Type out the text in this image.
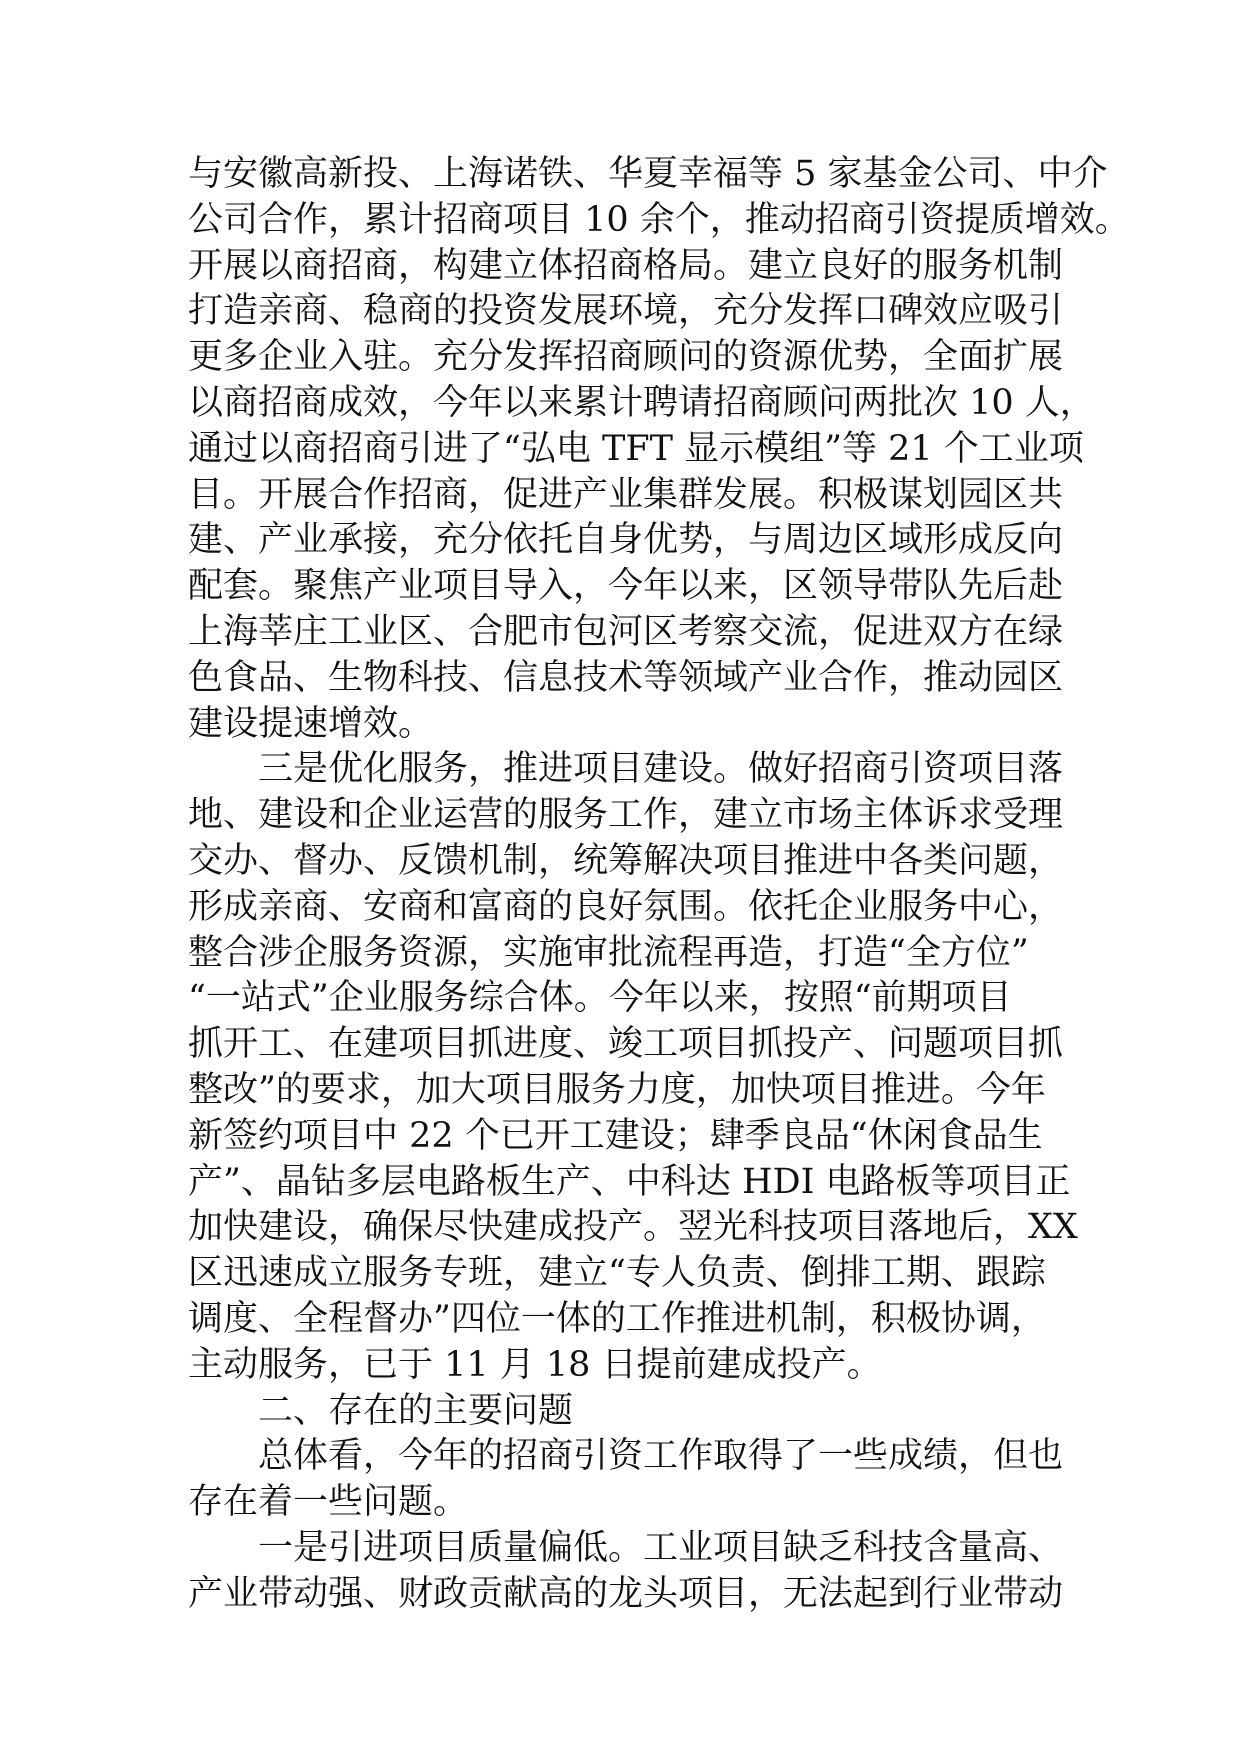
与安徽高新投、上海诺铁、华夏幸福等 5 家基金公司、中介
公司合作，累计招商项目 10 余个，推动招商引资提质增效。
开展以商招商，构建立体招商格局。建立良好的服务机制
打造亲商、稳商的投资发展环境，充分发挥口碑效应吸引
更多企业入驻。充分发挥招商顾问的资源优势，全面扩展
以商招商成效，今年以来累计聘请招商顾问两批次 10 人，
通过以商招商引进了“弘电 TFT 显示模组”等 21 个工业项
目。开展合作招商，促进产业集群发展。积极谋划园区共
建、产业承接，充分依托自身优势，与周边区域形成反向
配套。聚焦产业项目导入，今年以来，区领导带队先后赴
上海莘庄工业区、合肥市包河区考察交流，促进双方在绿
色食品、生物科技、信息技术等领域产业合作，推动园区
建设提速增效。
三是优化服务，推进项目建设。做好招商引资项目落
地、建设和企业运营的服务工作，建立市场主体诉求受理
交办、督办、反馈机制，统筹解决项目推进中各类问题，
形成亲商、安商和富商的良好氛围。依托企业服务中心，
整合涉企服务资源，实施审批流程再造，打造“全方位”
“一站式”企业服务综合体。今年以来，按照“前期项目
抓开工、在建项目抓进度、竣工项目抓投产、问题项目抓
整改”的要求，加大项目服务力度，加快项目推进。今年
新签约项目中 22 个已开工建设；肆季良品“休闲食品生
产”、晶钻多层电路板生产、中科达 HDI 电路板等项目正
加快建设，确保尽快建成投产。翌光科技项目落地后，XX
区迅速成立服务专班，建立“专人负责、倒排工期、跟踪
调度、全程督办”四位一体的工作推进机制，积极协调，
主动服务，已于 11 月 18 日提前建成投产。
二、存在的主要问题
总体看，今年的招商引资工作取得了一些成绩，但也
存在着一些问题。
一是引进项目质量偏低。工业项目缺乏科技含量高、
产业带动强、财政贡献高的龙头项目，无法起到行业带动
